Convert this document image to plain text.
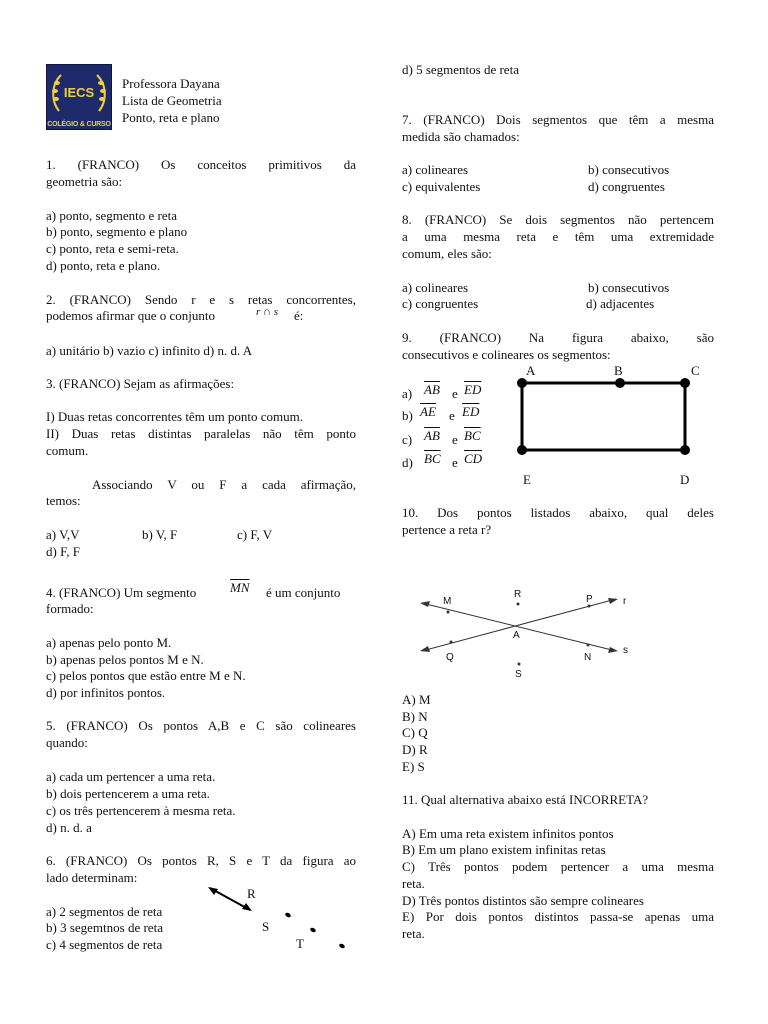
IECS
COLÉGIO & CURSO
Professora Dayana
Lista de Geometria
Ponto, reta e plano
1. (FRANCO) Os conceitos primitivos da
geometria são:
a) ponto, segmento e reta
b) ponto, segmento e plano
c) ponto, reta e semi-reta.
d) ponto, reta e plano.
2. (FRANCO) Sendo r e s retas concorrentes,
podemos afirmar que o conjunto	r ∩ s é:
a) unitário b) vazio c) infinito d) n. d. A
3. (FRANCO) Sejam as afirmações:
I) Duas retas concorrentes têm um ponto comum.
II) Duas retas distintas paralelas não têm ponto
comum.
Associando V ou F a cada afirmação,
temos:
a) V,V	b) V, F	c) F, V
d) F, F
4. (FRANCO) Um segmento	$\overline{MN}$ é um conjunto
formado:
a) apenas pelo ponto M.
b) apenas pelos pontos M e N.
c) pelos pontos que estão entre M e N.
d) por infinitos pontos.
5. (FRANCO) Os pontos A,B e C são colineares
quando:
a) cada um pertencer a uma reta.
b) dois pertencerem a uma reta.
c) os três pertencerem à mesma reta.
d) n. d. a
6. (FRANCO) Os pontos R, S e T da figura ao
lado determinam:
a) 2 segmentos de reta
b) 3 segemtnos de reta
c) 4 segmentos de reta
d) 5 segmentos de reta
R
S
T
7. (FRANCO) Dois segmentos que têm a mesma
medida são chamados:
a) colineares	b) consecutivos
c) equivalentes	d) congruentes
8. (FRANCO) Se dois segmentos não pertencem
a uma mesma reta e têm uma extremidade
comum, eles são:
a) colineares	b) consecutivos
c) congruentes	d) adjacentes
9. (FRANCO) Na figura abaixo, são
consecutivos e colineares os segmentos:
a) $\overline{AB}$ e $\overline{ED}$
b) $\overline{AE}$ e $\overline{ED}$
c) $\overline{AB}$ e $\overline{BC}$
d) $\overline{BC}$ e $\overline{CD}$
A	B	C
D
E
10. Dos pontos listados abaixo, qual deles
pertence a reta r?
M
R	P	r
A
Q	N
s
S
A) M
B) N
C) Q
D) R
E) S
11. Qual alternativa abaixo está INCORRETA?
A) Em uma reta existem infinitos pontos
B) Em um plano existem infinitas retas
C) Três pontos podem pertencer a uma mesma
reta.
D) Três pontos distintos são sempre colineares
E) Por dois pontos distintos passa-se apenas uma
reta.
